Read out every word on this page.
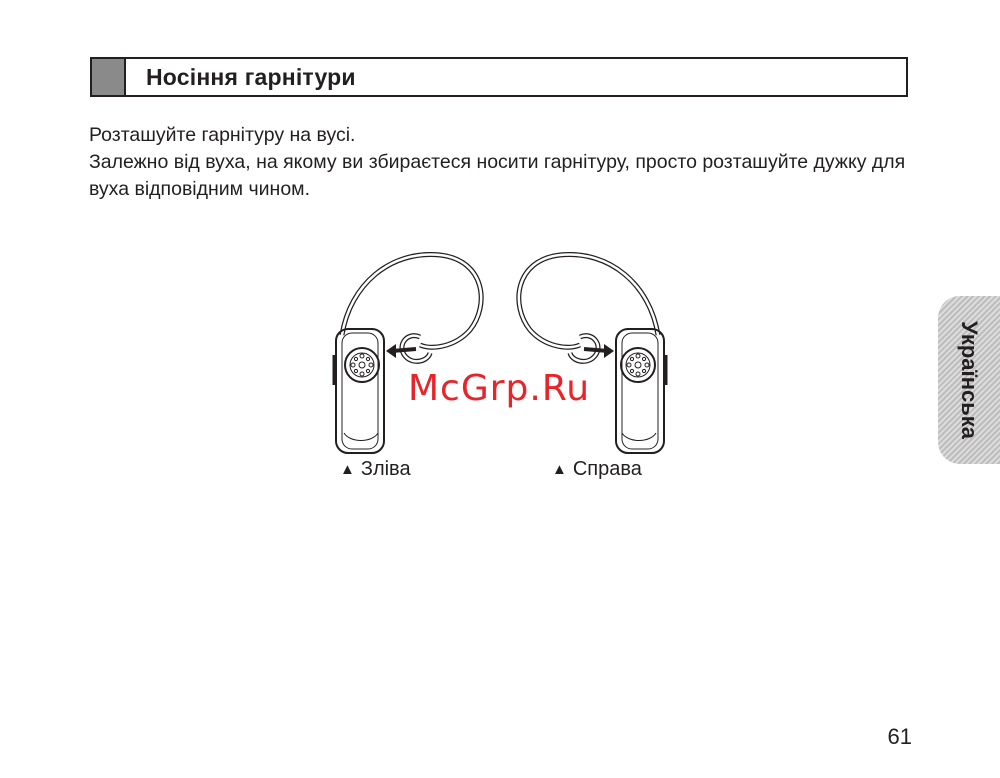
Носіння гарнітури

Розташуйте гарнітуру на вусі.

Залежно від вуха, на якому ви збираєтеся носити гарнітуру, просто розташуйте дужку для вуха відповідним чином.

McGrp.Ru
▲ Зліва	▲ Справа
Українська
61
